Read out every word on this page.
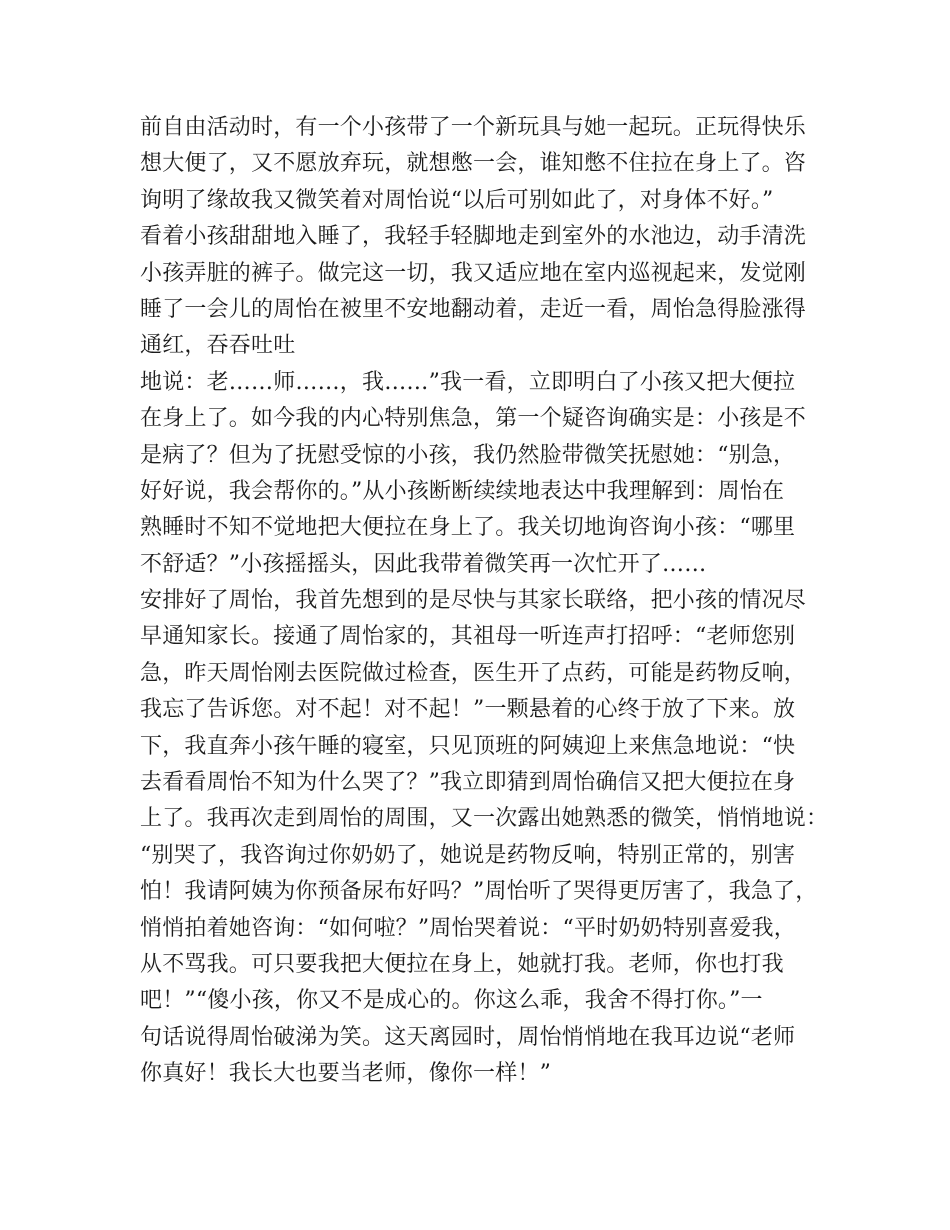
前自由活动时，有一个小孩带了一个新玩具与她一起玩。正玩得快乐
想大便了，又不愿放弃玩，就想憋一会，谁知憋不住拉在身上了。咨
询明了缘故我又微笑着对周怡说“以后可别如此了，对身体不好。”
看着小孩甜甜地入睡了，我轻手轻脚地走到室外的水池边，动手清洗
小孩弄脏的裤子。做完这一切，我又适应地在室内巡视起来，发觉刚
睡了一会儿的周怡在被里不安地翻动着，走近一看，周怡急得脸涨得
通红，吞吞吐吐
地说：老……师……，我……”我一看，立即明白了小孩又把大便拉
在身上了。如今我的内心特别焦急，第一个疑咨询确实是：小孩是不
是病了？但为了抚慰受惊的小孩，我仍然脸带微笑抚慰她：“别急，
好好说，我会帮你的。”从小孩断断续续地表达中我理解到：周怡在
熟睡时不知不觉地把大便拉在身上了。我关切地询咨询小孩：“哪里
不舒适？”小孩摇摇头，因此我带着微笑再一次忙开了……
安排好了周怡，我首先想到的是尽快与其家长联络，把小孩的情况尽
早通知家长。接通了周怡家的，其祖母一听连声打招呼：“老师您别
急，昨天周怡刚去医院做过检查，医生开了点药，可能是药物反响，
我忘了告诉您。对不起！对不起！”一颗悬着的心终于放了下来。放
下，我直奔小孩午睡的寝室，只见顶班的阿姨迎上来焦急地说：“快
去看看周怡不知为什么哭了？”我立即猜到周怡确信又把大便拉在身
上了。我再次走到周怡的周围，又一次露出她熟悉的微笑，悄悄地说：
“别哭了，我咨询过你奶奶了，她说是药物反响，特别正常的，别害
怕！我请阿姨为你预备尿布好吗？”周怡听了哭得更厉害了，我急了，
悄悄拍着她咨询：“如何啦？”周怡哭着说：“平时奶奶特别喜爱我，
从不骂我。可只要我把大便拉在身上，她就打我。老师，你也打我
吧！”“傻小孩，你又不是成心的。你这么乖，我舍不得打你。”一
句话说得周怡破涕为笑。这天离园时，周怡悄悄地在我耳边说“老师
你真好！我长大也要当老师，像你一样！”
